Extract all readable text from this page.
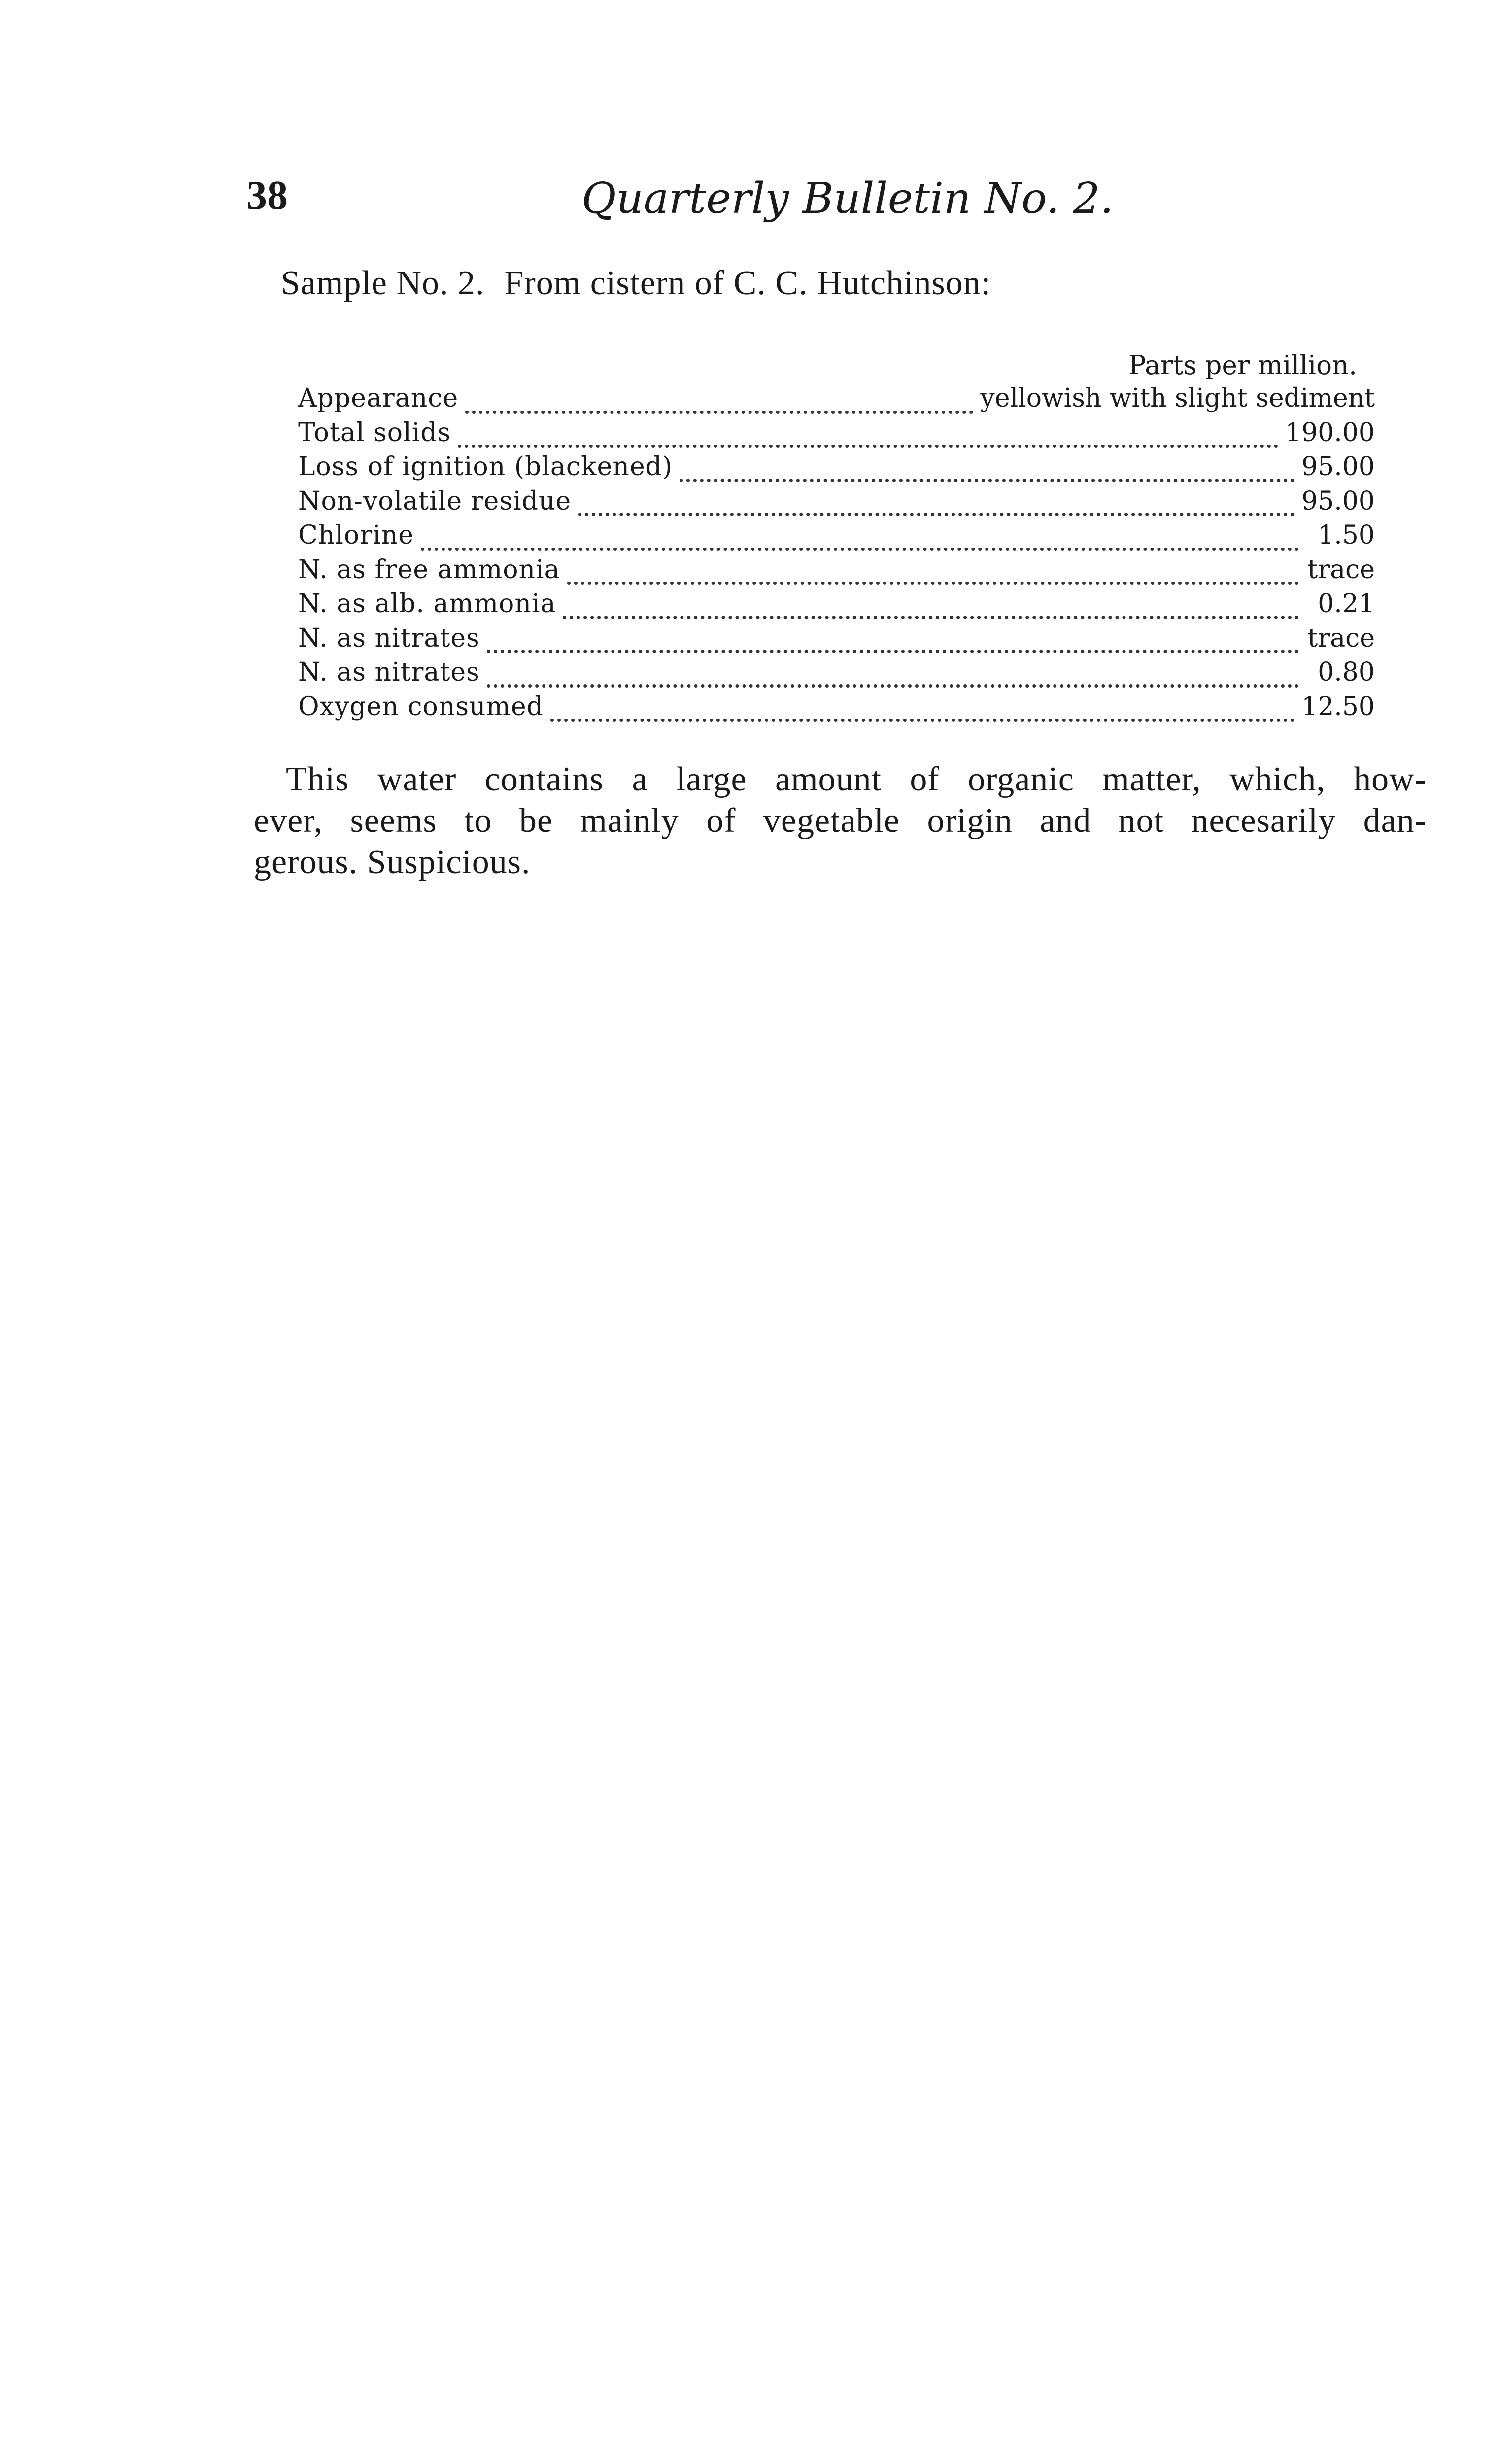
38	Quarterly Bulletin No. 2.
Sample No. 2. From cistern of C. C. Hutchinson:
Parts per million.
Appearance	yellowish with slight sediment
Total solids	190.00
Loss of ignition (blackened)	95.00
Non-volatile residue	95.00
Chlorine	1.50
N. as free ammonia	trace
N. as alb. ammonia	0.21
N. as nitrates	trace
N. as nitrates	0.80
Oxygen consumed	12.50
This water contains a large amount of organic matter, which, how-
ever, seems to be mainly of vegetable origin and not necesarily dan-
gerous. Suspicious.
